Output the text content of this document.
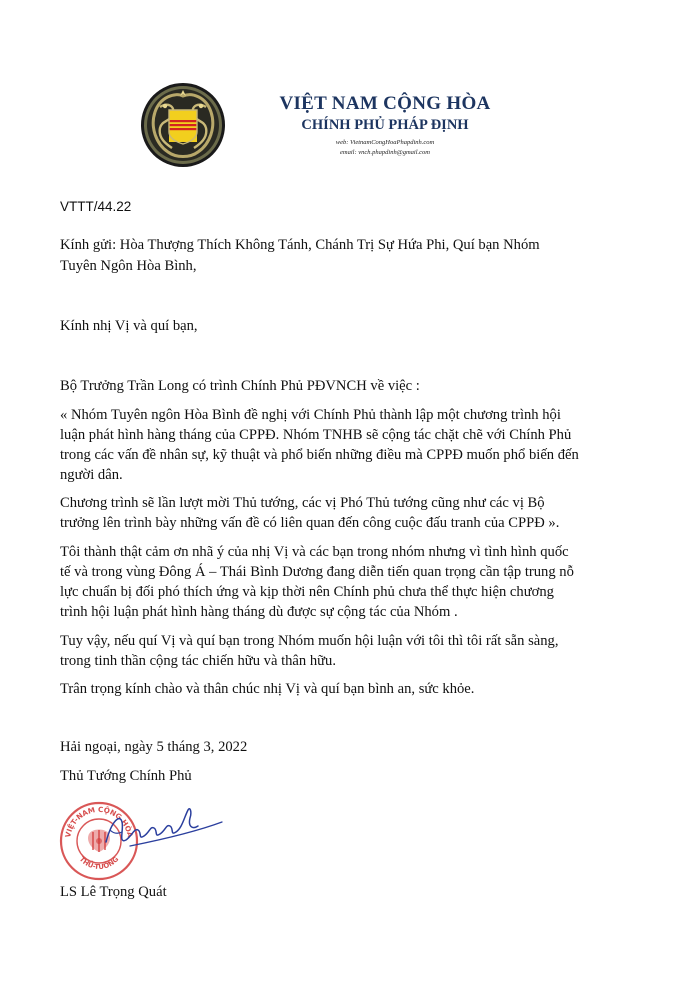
VIỆT NAM CỘNG HÒA
CHÍNH PHỦ PHÁP ĐỊNH
web: VietnamCongHoaPhapdinh.com
email: vnch.phapdinh@gmail.com
VTTT/44.22
Kính gửi: Hòa Thượng Thích Không Tánh, Chánh Trị Sự Hứa Phi, Quí bạn Nhóm
Tuyên Ngôn Hòa Bình,
Kính nhị Vị và quí bạn,
Bộ Trưởng Trần Long có trình Chính Phủ PĐVNCH về việc :
« Nhóm Tuyên ngôn Hòa Bình đề nghị với Chính Phủ thành lập một chương trình hội
luận phát hình hàng tháng của CPPĐ. Nhóm TNHB sẽ cộng tác chặt chẽ với Chính Phủ
trong các vấn đề nhân sự, kỹ thuật và phổ biến những điều mà CPPĐ muốn phổ biến đến
người dân.
Chương trình sẽ lần lượt mời Thủ tướng, các vị Phó Thủ tướng cũng như các vị Bộ
trưởng lên trình bày những vấn đề có liên quan đến công cuộc đấu tranh của CPPĐ ».
Tôi thành thật cảm ơn nhã ý của nhị Vị và các bạn trong nhóm nhưng vì tình hình quốc
tế và trong vùng Đông Á – Thái Bình Dương đang diễn tiến quan trọng cần tập trung nỗ
lực chuẩn bị đối phó thích ứng và kịp thời nên Chính phủ chưa thể thực hiện chương
trình hội luận phát hình hàng tháng dù được sự cộng tác của Nhóm .
Tuy vậy, nếu quí Vị và quí bạn trong Nhóm muốn hội luận với tôi thì tôi rất sẵn sàng,
trong tinh thần cộng tác chiến hữu và thân hữu.
Trân trọng kính chào và thân chúc nhị Vị và quí bạn bình an, sức khỏe.
Hải ngoại, ngày 5 tháng 3, 2022
Thủ Tướng Chính Phủ
VIỆT-NAM CỘNG HÒA
THỦ-TƯỚNG
LS Lê Trọng Quát
